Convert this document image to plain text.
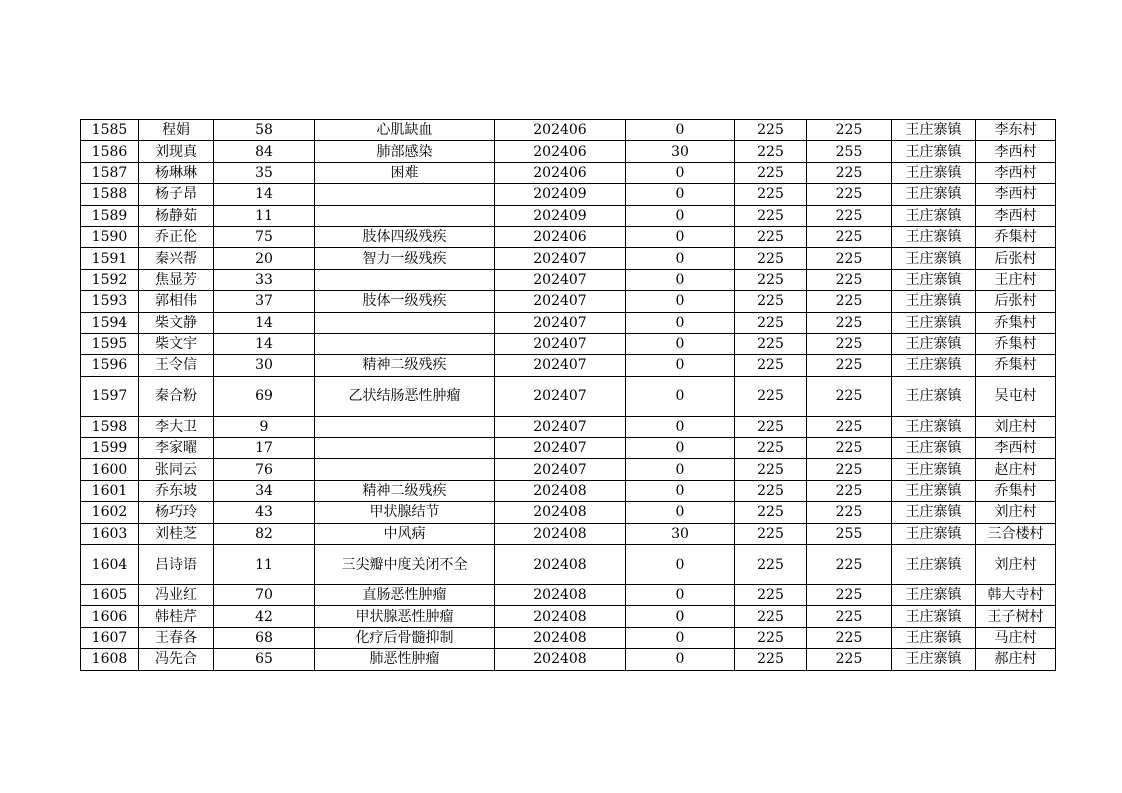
1585	程娟	58	心肌缺血	202406	0	225	225	王庄寨镇	李东村
1586	刘现真	84	肺部感染	202406	30	225	255	王庄寨镇	李西村
1587	杨琳琳	35	困难	202406	0	225	225	王庄寨镇	李西村
1588	杨子昂	14		202409	0	225	225	王庄寨镇	李西村
1589	杨静茹	11		202409	0	225	225	王庄寨镇	李西村
1590	乔正伦	75	肢体四级残疾	202406	0	225	225	王庄寨镇	乔集村
1591	秦兴帮	20	智力一级残疾	202407	0	225	225	王庄寨镇	后张村
1592	焦显芳	33		202407	0	225	225	王庄寨镇	王庄村
1593	郭相伟	37	肢体一级残疾	202407	0	225	225	王庄寨镇	后张村
1594	柴文静	14		202407	0	225	225	王庄寨镇	乔集村
1595	柴文宇	14		202407	0	225	225	王庄寨镇	乔集村
1596	王令信	30	精神二级残疾	202407	0	225	225	王庄寨镇	乔集村
1597	秦合粉	69	乙状结肠恶性肿瘤	202407	0	225	225	王庄寨镇	吴屯村
1598	李大卫	9		202407	0	225	225	王庄寨镇	刘庄村
1599	李家曜	17		202407	0	225	225	王庄寨镇	李西村
1600	张同云	76		202407	0	225	225	王庄寨镇	赵庄村
1601	乔东坡	34	精神二级残疾	202408	0	225	225	王庄寨镇	乔集村
1602	杨巧玲	43	甲状腺结节	202408	0	225	225	王庄寨镇	刘庄村
1603	刘桂芝	82	中风病	202408	30	225	255	王庄寨镇	三合楼村
1604	吕诗语	11	三尖瓣中度关闭不全	202408	0	225	225	王庄寨镇	刘庄村
1605	冯业红	70	直肠恶性肿瘤	202408	0	225	225	王庄寨镇	韩大寺村
1606	韩桂芹	42	甲状腺恶性肿瘤	202408	0	225	225	王庄寨镇	王子树村
1607	王春各	68	化疗后骨髓抑制	202408	0	225	225	王庄寨镇	马庄村
1608	冯先合	65	肺恶性肿瘤	202408	0	225	225	王庄寨镇	郝庄村
